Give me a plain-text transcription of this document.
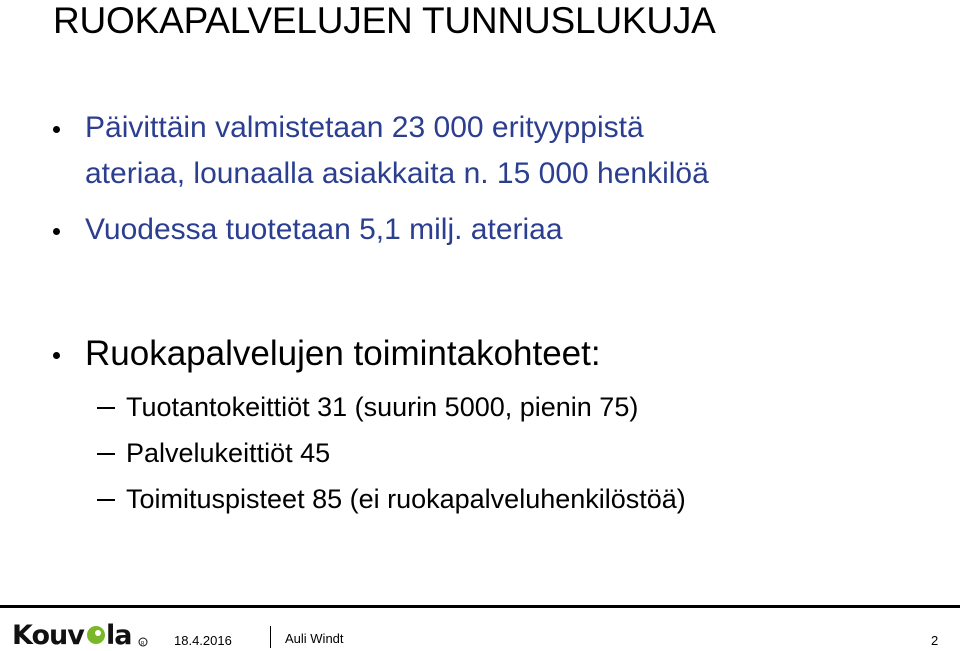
RUOKAPALVELUJEN TUNNUSLUKUJA
Päivittäin valmistetaan 23 000 erityyppistä
ateriaa, lounaalla asiakkaita n. 15 000 henkilöä
Vuodessa tuotetaan 5,1 milj. ateriaa
Ruokapalvelujen toimintakohteet:
Tuotantokeittiöt 31 (suurin 5000, pienin 75)
Palvelukeittiöt 45
Toimituspisteet 85 (ei ruokapalveluhenkilöstöä)
Kouv la R 18.4.2016	Auli Windt	2
